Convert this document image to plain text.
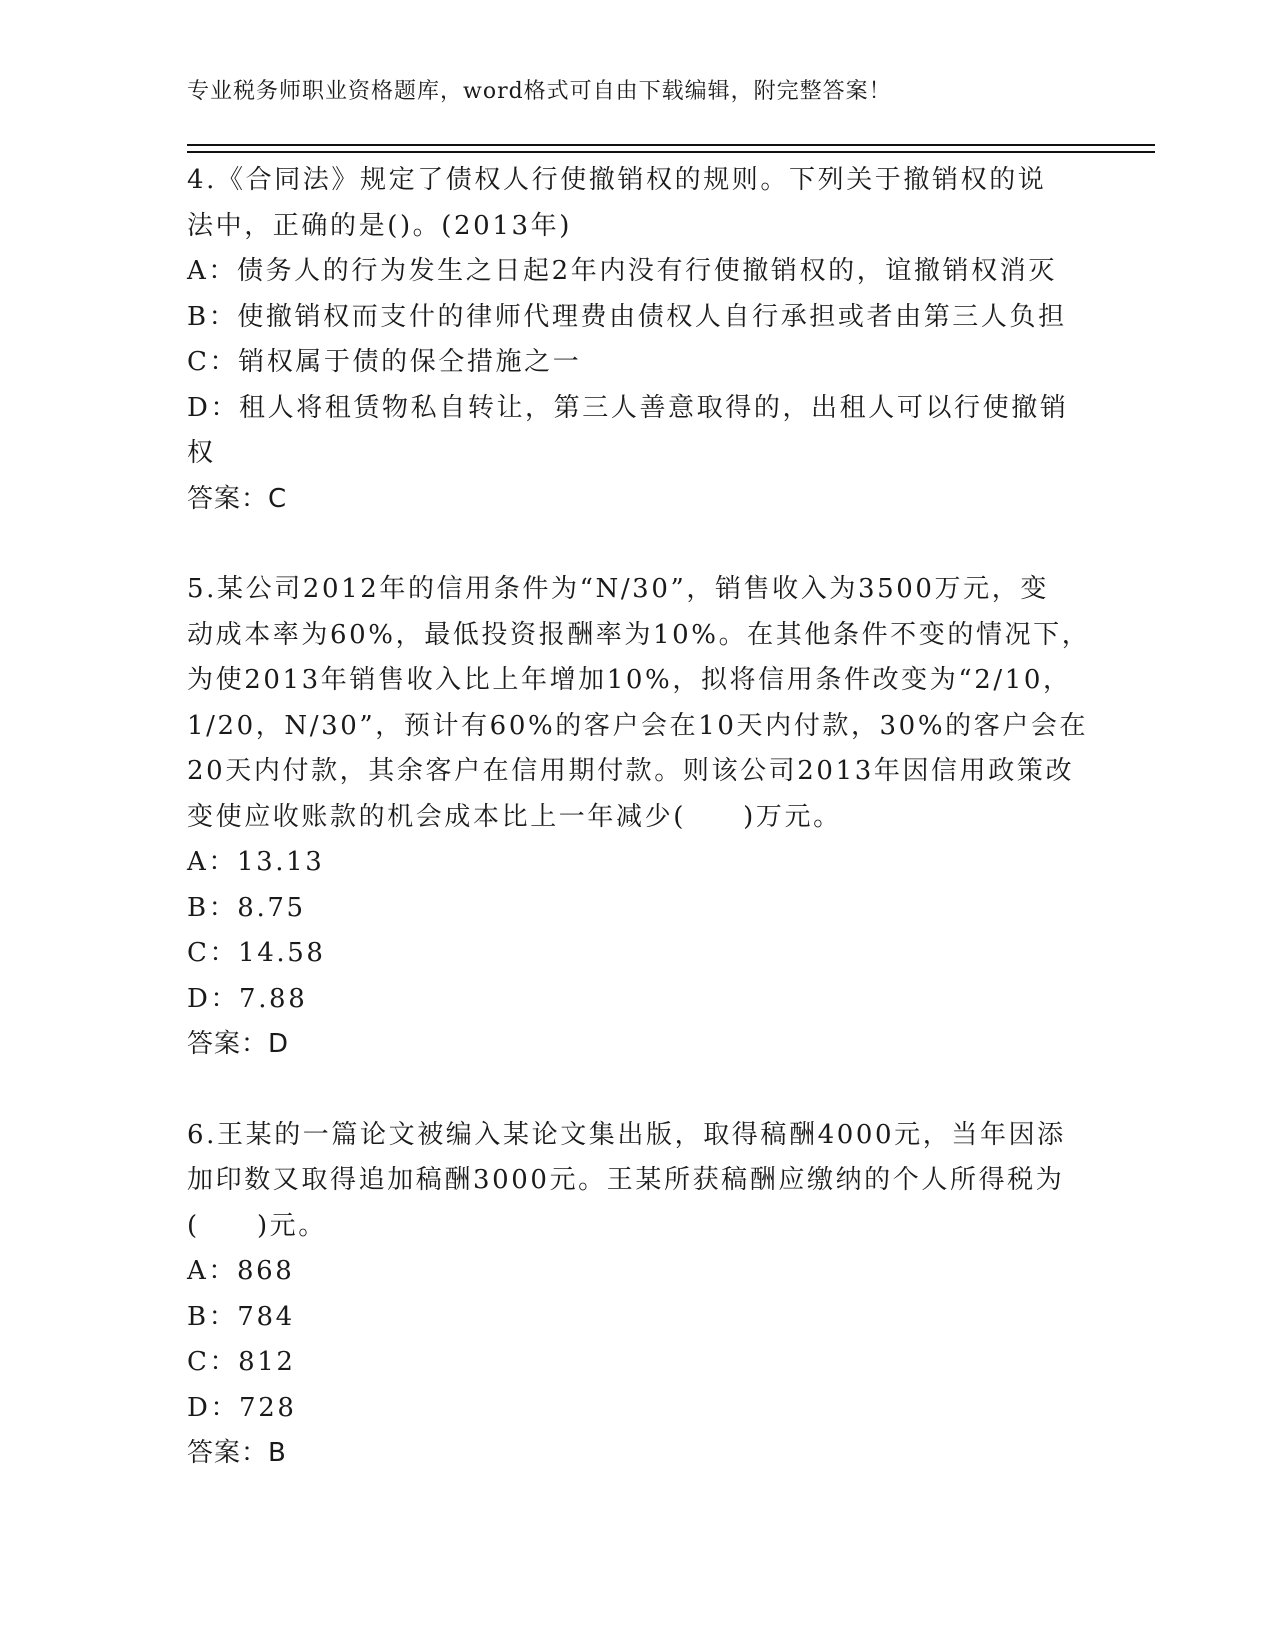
专业税务师职业资格题库，word格式可自由下载编辑，附完整答案！
4.《合同法》规定了债权人行使撤销权的规则。下列关于撤销权的说
法中，正确的是()。(2013年)
A：债务人的行为发生之日起2年内没有行使撤销权的，谊撤销权消灭
B：使撤销权而支什的律师代理费由债权人自行承担或者由第三人负担
C：销权属于债的保仝措施之一
D：租人将租赁物私自转让，第三人善意取得的，出租人可以行使撤销
权
答案：C
5.某公司2012年的信用条件为“N/30”，销售收入为3500万元，变
动成本率为60%，最低投资报酬率为10%。在其他条件不变的情况下，
为使2013年销售收入比上年增加10%，拟将信用条件改变为“2/10，
1/20，N/30”，预计有60%的客户会在10天内付款，30%的客户会在
20天内付款，其余客户在信用期付款。则该公司2013年因信用政策改
变使应收账款的机会成本比上一年减少(　　)万元。
A：13.13
B：8.75
C：14.58
D：7.88
答案：D
6.王某的一篇论文被编入某论文集出版，取得稿酬4000元，当年因添
加印数又取得追加稿酬3000元。王某所获稿酬应缴纳的个人所得税为
(　　)元。
A：868
B：784
C：812
D：728
答案：B
